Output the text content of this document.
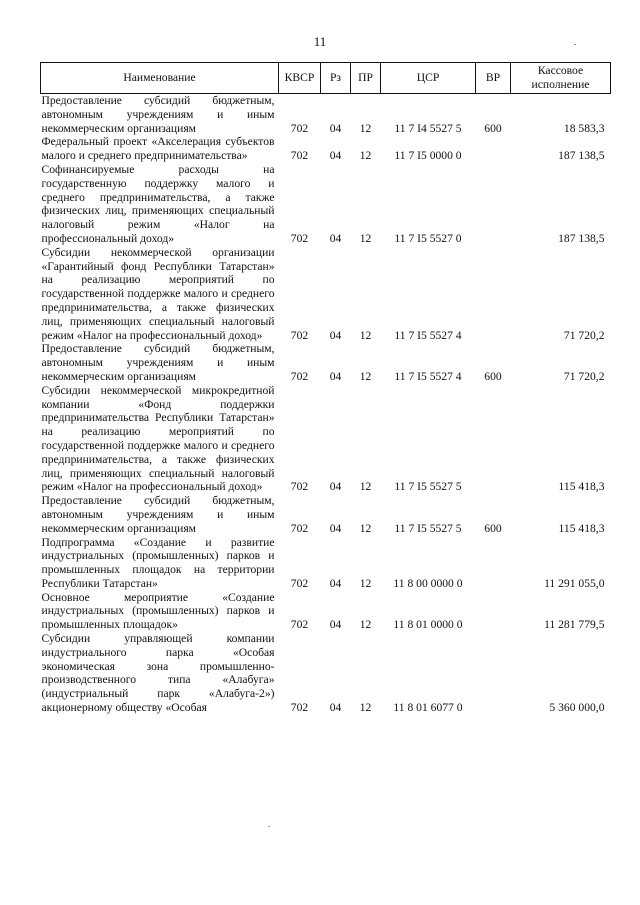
11
Наименование	КВСР	Рз	ПР	ЦСР	ВР	Кассовое исполнение
Предоставление субсидий бюджетным, автономным учреждениям и иным некоммерческим организациям	702	04	12	11 7 I4 5527 5	600	18 583,3
Федеральный проект «Акселерация субъектов малого и среднего предпринимательства»	702	04	12	11 7 I5 0000 0		187 138,5
Софинансируемые расходы на государственную поддержку малого и среднего предпринимательства, а также физических лиц, применяющих специальный налоговый режим «Налог на профессиональный доход»	702	04	12	11 7 I5 5527 0		187 138,5
Субсидии некоммерческой организации «Гарантийный фонд Республики Татарстан» на реализацию мероприятий по государственной поддержке малого и среднего предпринимательства, а также физических лиц, применяющих специальный налоговый режим «Налог на профессиональный доход»	702	04	12	11 7 I5 5527 4		71 720,2
Предоставление субсидий бюджетным, автономным учреждениям и иным некоммерческим организациям	702	04	12	11 7 I5 5527 4	600	71 720,2
Субсидии некоммерческой микрокредитной компании «Фонд поддержки предпринимательства Республики Татарстан» на реализацию мероприятий по государственной поддержке малого и среднего предпринимательства, а также физических лиц, применяющих специальный налоговый режим «Налог на профессиональный доход»	702	04	12	11 7 I5 5527 5		115 418,3
Предоставление субсидий бюджетным, автономным учреждениям и иным некоммерческим организациям	702	04	12	11 7 I5 5527 5	600	115 418,3
Подпрограмма «Создание и развитие индустриальных (промышленных) парков и промышленных площадок на территории Республики Татарстан»	702	04	12	11 8 00 0000 0		11 291 055,0
Основное мероприятие «Создание индустриальных (промышленных) парков и промышленных площадок»	702	04	12	11 8 01 0000 0		11 281 779,5
Субсидии управляющей компании индустриального парка «Особая экономическая зона промышленно-производственного типа «Алабуга» (индустриальный парк «Алабуга-2») акционерному обществу «Особая	702	04	12	11 8 01 6077 0		5 360 000,0
